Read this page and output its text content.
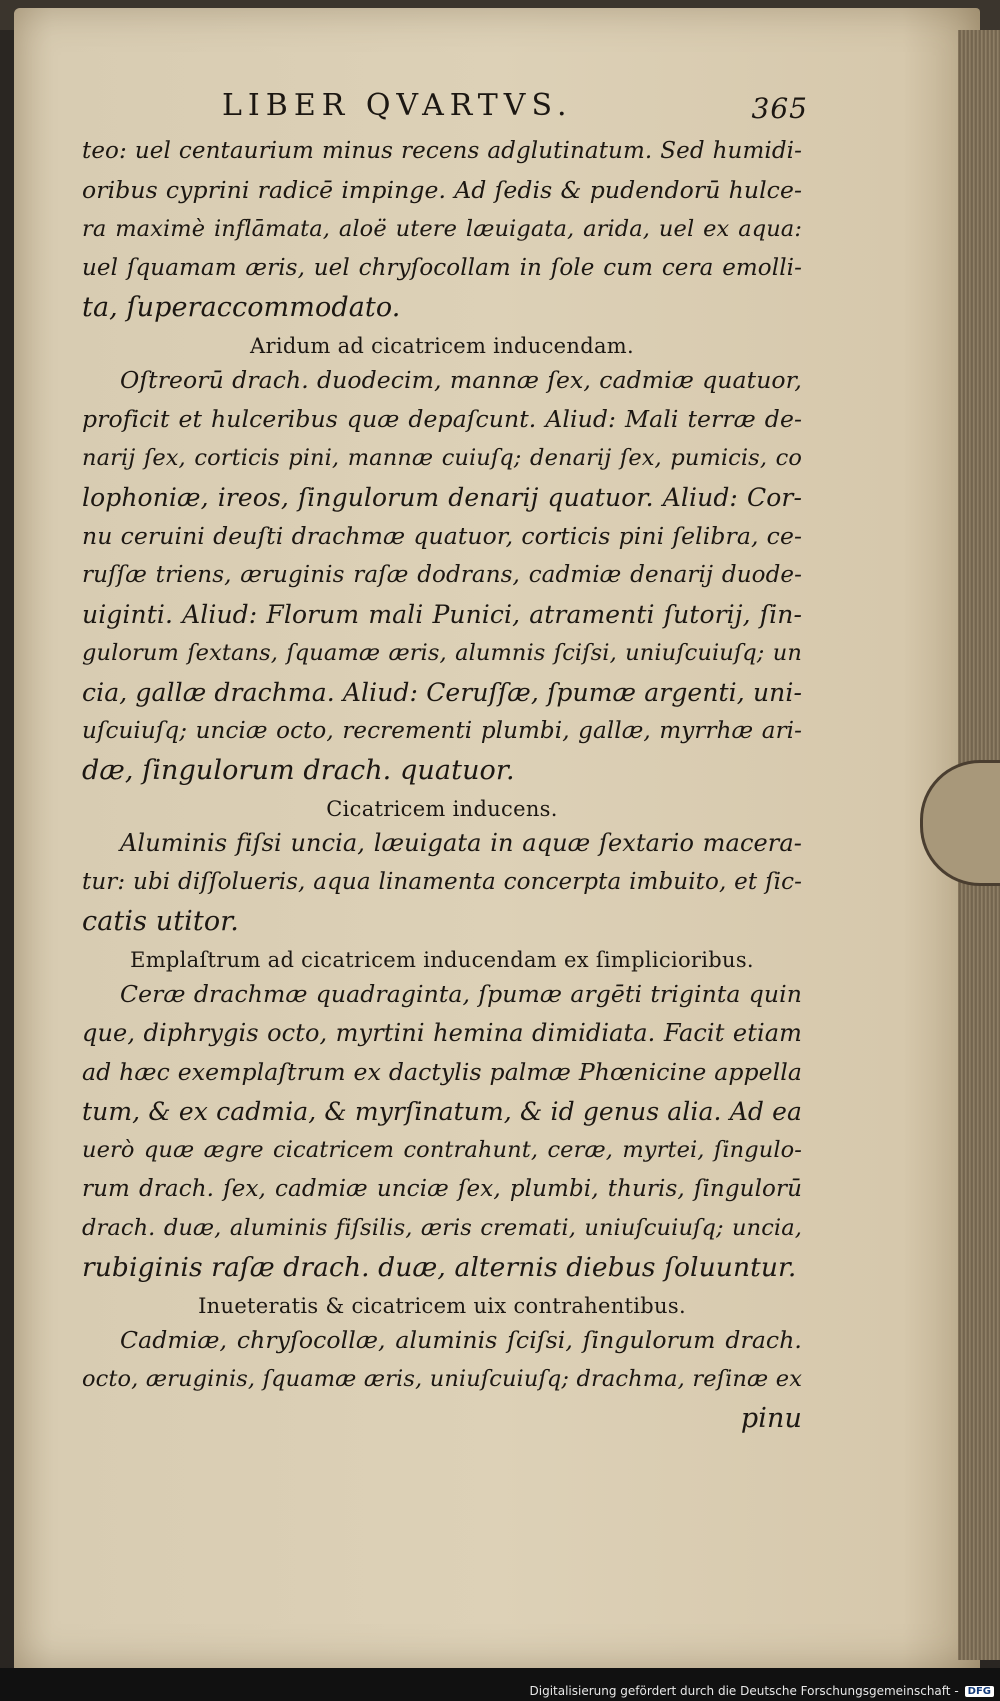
LIBER QVARTVS.	365
teo: uel centaurium minus recens adglutinatum. Sed humidi-
oribus cyprini radicē impinge. Ad ſedis & pudendorū hulce-
ra maximè inflāmata, aloë utere læuigata, arida, uel ex aqua:
uel ſquamam æris, uel chryſocollam in ſole cum cera emolli-
ta, ſuperaccommodato.
Aridum ad cicatricem inducendam.
Oſtreorū drach. duodecim, mannæ ſex, cadmiæ quatuor,
proficit et hulceribus quæ depaſcunt. Aliud: Mali terræ de-
narij ſex, corticis pini, mannæ cuiuſq; denarij ſex, pumicis, co
lophoniæ, ireos, ſingulorum denarij quatuor. Aliud: Cor-
nu ceruini deuſti drachmæ quatuor, corticis pini ſelibra, ce-
ruſſæ triens, æruginis raſæ dodrans, cadmiæ denarij duode-
uiginti. Aliud: Florum mali Punici, atramenti ſutorij, ſin-
gulorum ſextans, ſquamæ æris, alumnis ſciſsi, uniuſcuiuſq; un
cia, gallæ drachma. Aliud: Ceruſſæ, ſpumæ argenti, uni-
uſcuiuſq; unciæ octo, recrementi plumbi, gallæ, myrrhæ ari-
dæ, ſingulorum drach. quatuor.
Cicatricem inducens.
Aluminis fiſsi uncia, læuigata in aquæ ſextario macera-
tur: ubi diſſolueris, aqua linamenta concerpta imbuito, et ſic-
catis utitor.
Emplaſtrum ad cicatricem inducendam ex ſimplicioribus.
Ceræ drachmæ quadraginta, ſpumæ argēti triginta quin
que, diphrygis octo, myrtini hemina dimidiata. Facit etiam
ad hæc exemplaſtrum ex dactylis palmæ Phœnicine appella
tum, & ex cadmia, & myrſinatum, & id genus alia. Ad ea
uerò quæ ægre cicatricem contrahunt, ceræ, myrtei, ſingulo-
rum drach. ſex, cadmiæ unciæ ſex, plumbi, thuris, ſingulorū
drach. duæ, aluminis fiſsilis, æris cremati, uniuſcuiuſq; uncia,
rubiginis raſæ drach. duæ, alternis diebus ſoluuntur.
Inueteratis & cicatricem uix contrahentibus.
Cadmiæ, chryſocollæ, aluminis ſciſsi, ſingulorum drach.
octo, æruginis, ſquamæ æris, uniuſcuiuſq; drachma, reſinæ ex
pinu
Digitalisierung gefördert durch die Deutsche Forschungsgemeinschaft - DFG
